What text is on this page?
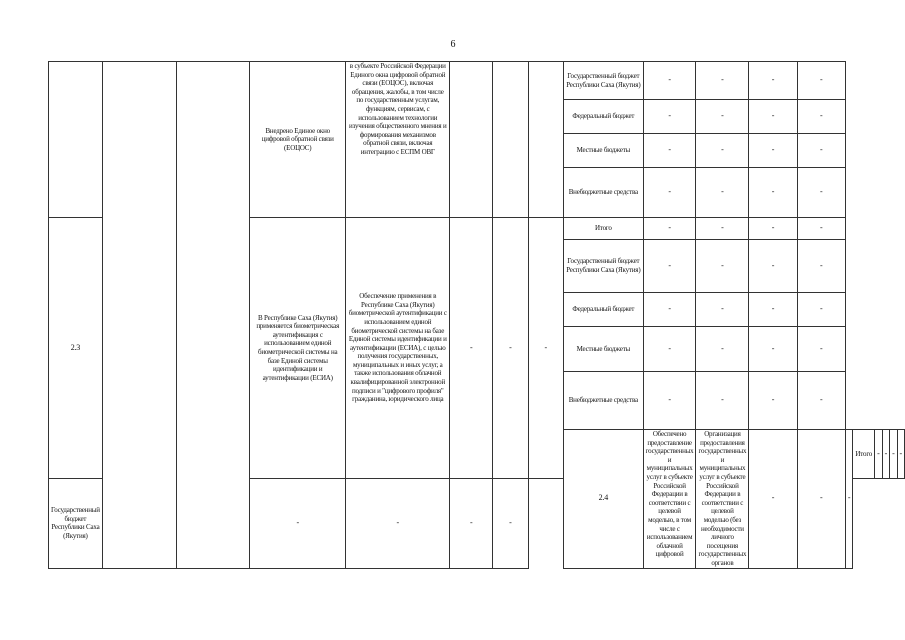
6
			Внедрено Единое окно цифровой обратной связи (ЕОЦОС)	в субъекте Российской Федерации Единого окна цифровой обратной связи (ЕОЦОС), включая обращения, жалобы, в том числе по государственным услугам, функциям, сервисам, с использованием технологии изучения общественного мнения и формирования механизмов обратной связи, включая интеграцию с ЕСПМ ОВГ				Государственный бюджет Республики Саха (Якутия)	-	-	-	-						
								Федеральный бюджет	-	-	-	-						
								Местные бюджеты	-	-	-	-						
								Внебюджетные средства	-	-	-	-						
2.3			В Республике Саха (Якутия) применяется биометрическая аутентификация с использованием единой биометрической системы на базе Единой системы идентификации и аутентификации (ЕСИА)	Обеспечение применения в Республике Саха (Якутия) биометрической аутентификации с использованием единой биометрической системы на базе Единой системы идентификации и аутентификации (ЕСИА), с целью получения государственных, муниципальных и иных услуг, а также использования облачной квалифицированной электронной подписи и "цифрового профиля" гражданина, юридического лица	-	-	-	Итого	-	-	-	-						
								Государственный бюджет Республики Саха (Якутия)	-	-	-	-						
								Федеральный бюджет	-	-	-	-						
								Местные бюджеты	-	-	-	-						
								Внебюджетные средства	-	-	-	-						
								2.4	Обеспечено предоставление государственных и муниципальных услуг в субъекте Российской Федерации в соответствии с целевой моделью, в том числе с использованием облачной цифровой	Организация предоставления государственных и муниципальных услуг в субъекте Российской Федерации в соответствии с целевой моделью (без необходимости личного посещения государственных органов	-	-	-	Итого	-	-	-	-
Государственный бюджет Республики Саха (Якутия)			-	-	-	-												
